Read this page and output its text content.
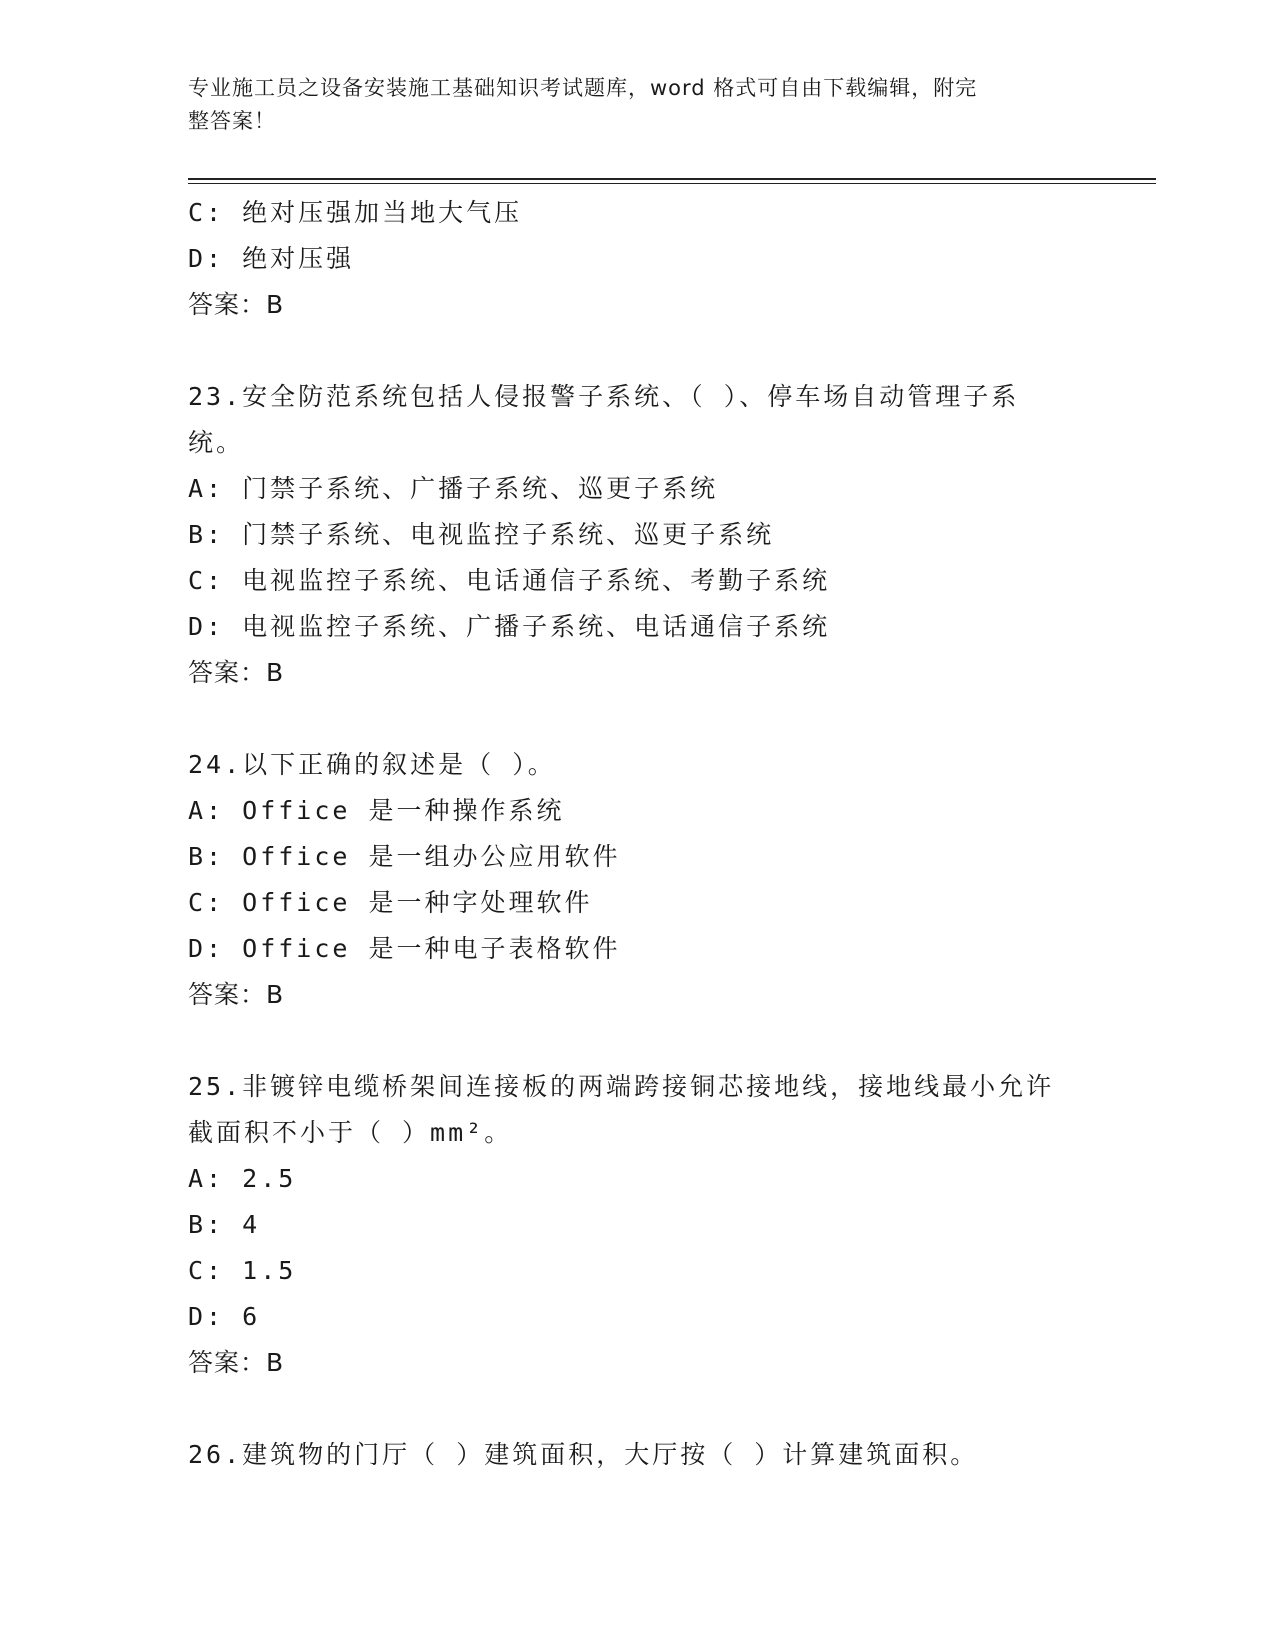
专业施工员之设备安装施工基础知识考试题库，word 格式可自由下载编辑，附完
整答案！
C: 绝对压强加当地大气压
D: 绝对压强
答案：B
23.安全防范系统包括人侵报警子系统、（ ）、停车场自动管理子系
统。
A: 门禁子系统、广播子系统、巡更子系统
B: 门禁子系统、电视监控子系统、巡更子系统
C: 电视监控子系统、电话通信子系统、考勤子系统
D: 电视监控子系统、广播子系统、电话通信子系统
答案：B
24.以下正确的叙述是（ ）。
A: Office 是一种操作系统
B: Office 是一组办公应用软件
C: Office 是一种字处理软件
D: Office 是一种电子表格软件
答案：B
25.非镀锌电缆桥架间连接板的两端跨接铜芯接地线，接地线最小允许
截面积不小于（ ）mm²。
A: 2.5
B: 4
C: 1.5
D: 6
答案：B
26.建筑物的门厅（ ）建筑面积，大厅按（ ）计算建筑面积。
